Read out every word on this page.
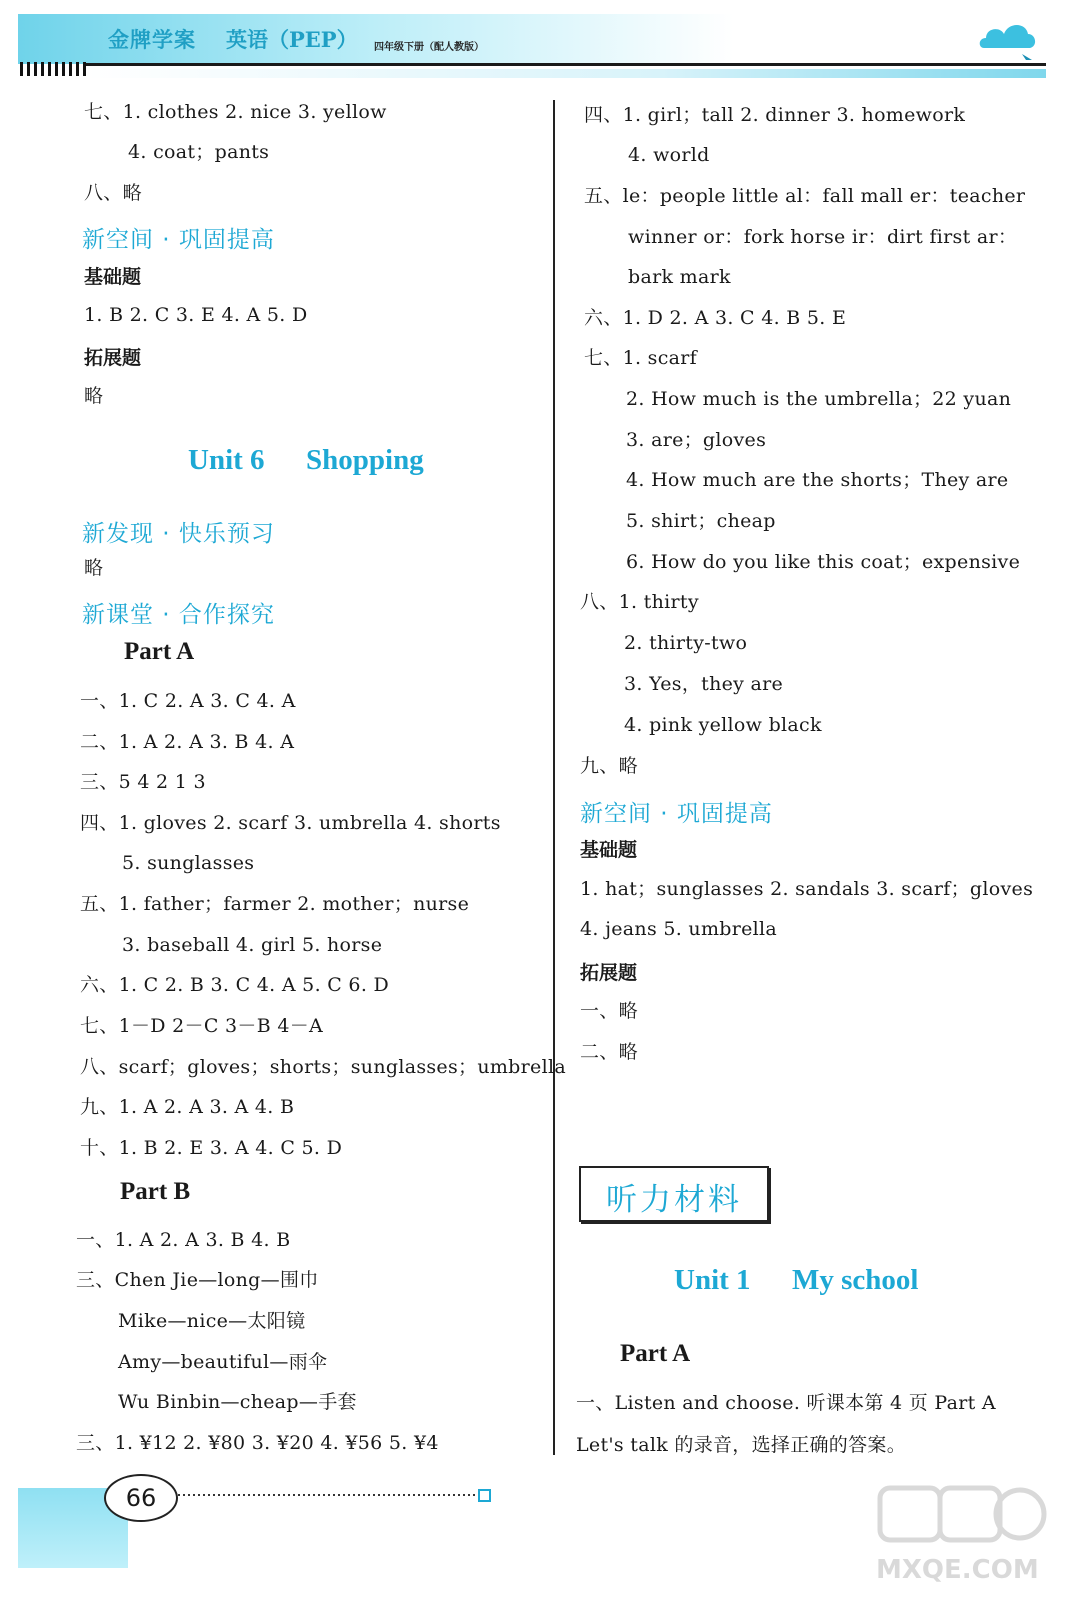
金牌学案 英语（PEP） 四年级下册（配人教版）
七、1. clothes 2. nice 3. yellow
4. coat；pants
八、略
新空间 · 巩固提高
基础题
1. B 2. C 3. E 4. A 5. D
拓展题
略
Unit 6 Shopping
新发现 · 快乐预习
略
新课堂 · 合作探究
Part A
一、1. C 2. A 3. C 4. A
二、1. A 2. A 3. B 4. A
三、5 4 2 1 3
四、1. gloves 2. scarf 3. umbrella 4. shorts
5. sunglasses
五、1. father；farmer 2. mother；nurse
3. baseball 4. girl 5. horse
六、1. C 2. B 3. C 4. A 5. C 6. D
七、1－D 2－C 3－B 4－A
八、scarf；gloves；shorts；sunglasses；umbrella
九、1. A 2. A 3. A 4. B
十、1. B 2. E 3. A 4. C 5. D
Part B
一、1. A 2. A 3. B 4. B
三、Chen Jie—long—围巾
Mike—nice—太阳镜
Amy—beautiful—雨伞
Wu Binbin—cheap—手套
三、1. ¥12 2. ¥80 3. ¥20 4. ¥56 5. ¥4
四、1. girl；tall 2. dinner 3. homework
4. world
五、le：people little al：fall mall er：teacher
winner or：fork horse ir：dirt first ar：
bark mark
六、1. D 2. A 3. C 4. B 5. E
七、1. scarf
2. How much is the umbrella；22 yuan
3. are；gloves
4. How much are the shorts；They are
5. shirt；cheap
6. How do you like this coat；expensive
八、1. thirty
2. thirty-two
3. Yes，they are
4. pink yellow black
九、略
新空间 · 巩固提高
基础题
1. hat；sunglasses 2. sandals 3. scarf；gloves
4. jeans 5. umbrella
拓展题
一、略
二、略
听力材料
Unit 1 My school
Part A
一、Listen and choose. 听课本第 4 页 Part A
Let's talk 的录音，选择正确的答案。
66
MXQE.COM
